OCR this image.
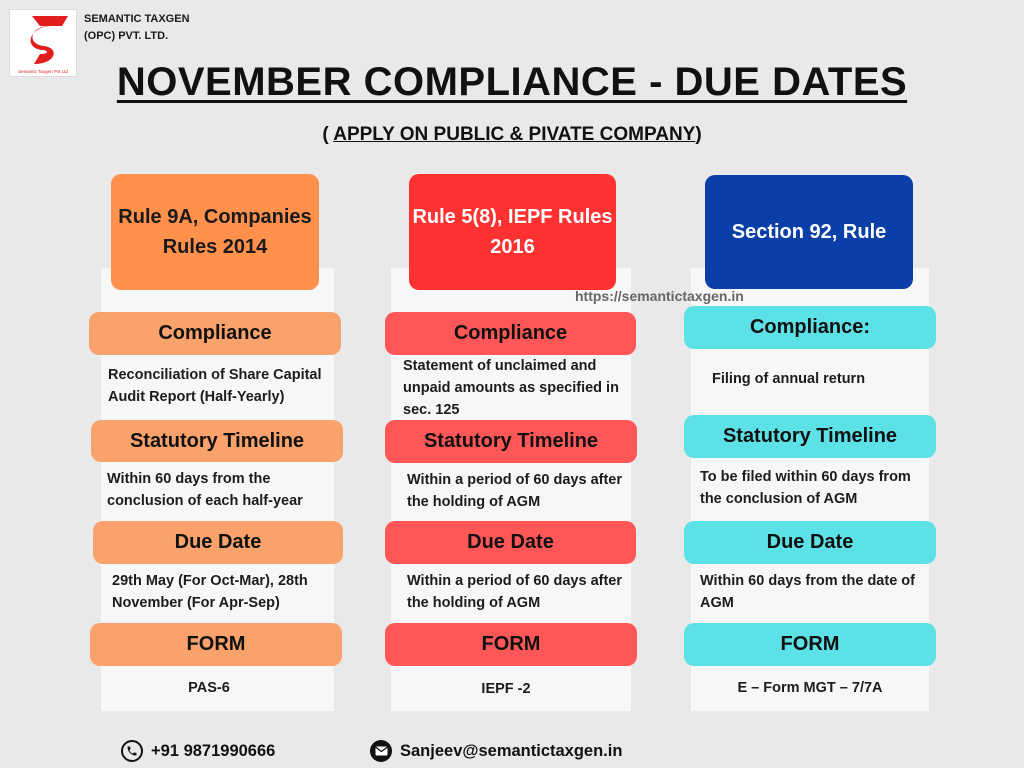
Semantic Taxgen Pvt Ltd
SEMANTIC TAXGEN
(OPC) PVT. LTD.
NOVEMBER COMPLIANCE - DUE DATES
( APPLY ON PUBLIC & PIVATE COMPANY)
Rule 9A, Companies Rules 2014
Compliance
Reconciliation of Share Capital Audit Report (Half-Yearly)
Statutory Timeline
Within 60 days from the conclusion of each half-year
Due Date
29th May (For Oct-Mar), 28th November (For Apr-Sep)
FORM
PAS-6
Rule 5(8), IEPF Rules 2016
Compliance
Statement of unclaimed and unpaid amounts as specified in sec. 125
Statutory Timeline
Within a period of 60 days after the holding of AGM
Due Date
Within a period of 60 days after the holding of AGM
FORM
IEPF -2
Section 92, Rule
https://semantictaxgen.in
Compliance:
Filing of annual return
Statutory Timeline
To be filed within 60 days from the conclusion of AGM
Due Date
Within 60 days from the date of AGM
FORM
E – Form MGT – 7/7A
+91 9871990666	Sanjeev@semantictaxgen.in
